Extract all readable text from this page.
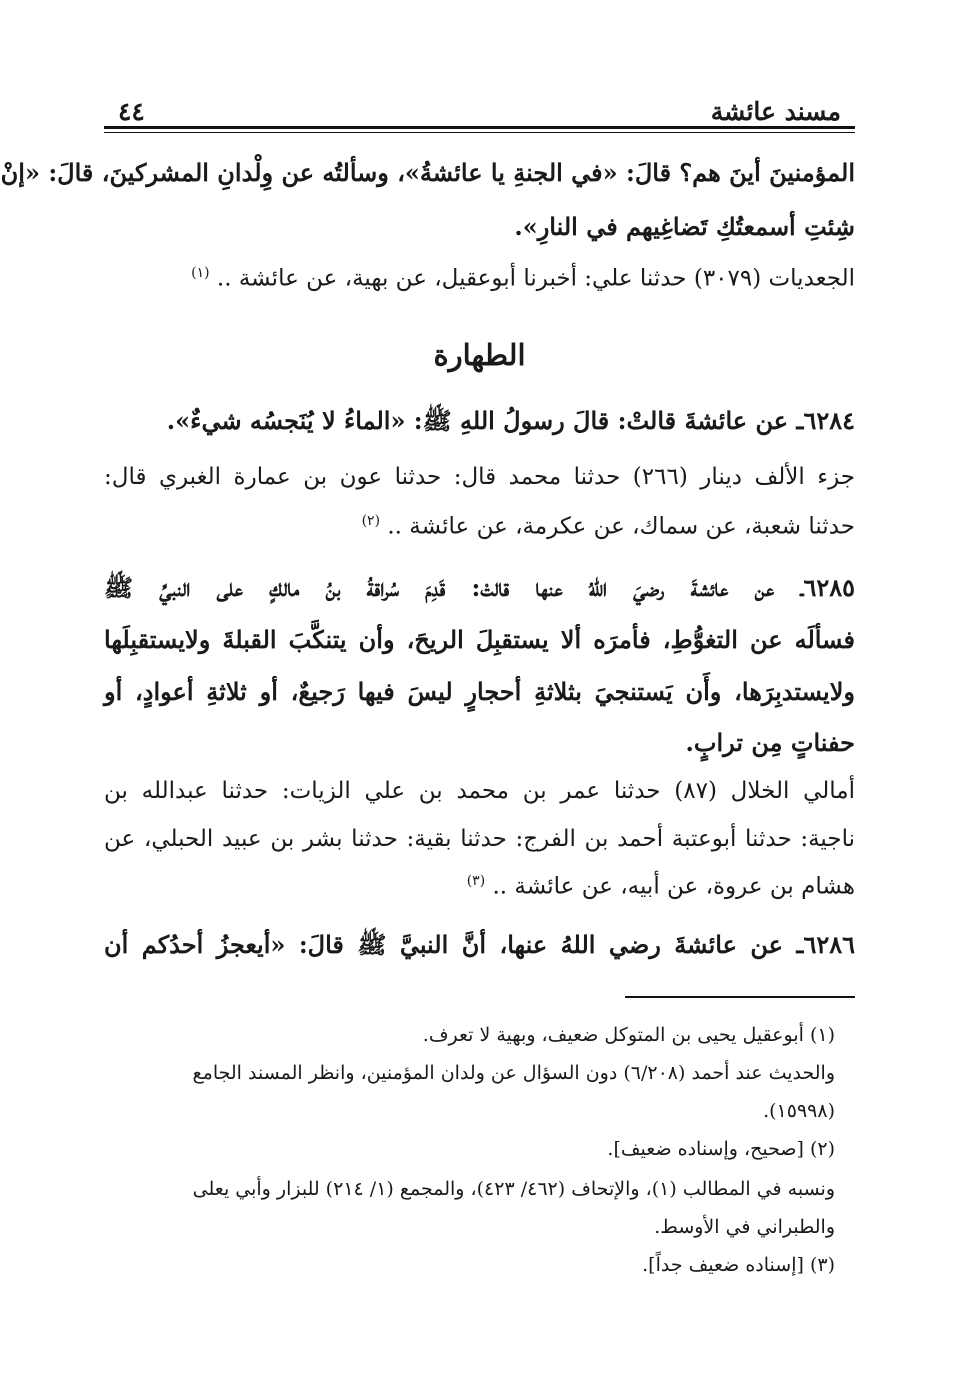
مسند عائشة
٤٤
المؤمنينَ أينَ هم؟ قالَ: «في الجنةِ يا عائشةُ»، وسألتُه عن وِلْدانِ المشركينَ، قالَ: «إنْ
شِئتِ أسمعتُكِ تَضاغِيهم في النارِ».
الجعديات (٣٠٧٩) حدثنا علي: أخبرنا أبوعقيل، عن بهية، عن عائشة .. $^{(١)}$
الطهارة
٦٢٨٤ـ عن عائشةَ قالتْ: قالَ رسولُ اللهِ ﷺ: «الماءُ لا يُنَجسُه شيءٌ».
جزء الألف دينار (٢٦٦) حدثنا محمد قال: حدثنا عون بن عمارة الغبري قال:
حدثنا شعبة، عن سماك، عن عكرمة، عن عائشة .. $^{(٢)}$
٦٢٨٥ـ عن عائشةَ رضيَ اللهُ عنها قالتْ: قَدِمَ سُراقةُ بنُ مالكٍ على النبيِّ ﷺ
فسألَه عن التغوُّطِ، فأمرَه ألا يستقبِلَ الريحَ، وأن يتنكَّبَ القبلةَ ولايستقبِلَها
ولايستدبِرَها، وأَن يَستنجيَ بثلاثةِ أحجارٍ ليسَ فيها رَجيعٌ، أو ثلاثةِ أعوادٍ، أو
حفناتٍ مِن ترابٍ.
أمالي الخلال (٨٧) حدثنا عمر بن محمد بن علي الزيات: حدثنا عبدالله بن
ناجية: حدثنا أبوعتبة أحمد بن الفرج: حدثنا بقية: حدثنا بشر بن عبيد الحبلي، عن
هشام بن عروة، عن أبيه، عن عائشة .. $^{(٣)}$
٦٢٨٦ـ عن عائشةَ رضي اللهُ عنها، أنَّ النبيَّ ﷺ قالَ: «أيعجزُ أحدُكم أن
(١) أبوعقيل يحيى بن المتوكل ضعيف، وبهية لا تعرف.
والحديث عند أحمد (٦/٢٠٨) دون السؤال عن ولدان المؤمنين، وانظر المسند الجامع
(١٥٩٩٨).
(٢) [صحيح، وإسناده ضعيف].
ونسبه في المطالب (١)، والإتحاف (٤٦٢/ ٤٢٣)، والمجمع (١/ ٢١٤) للبزار وأبي يعلى
والطبراني في الأوسط.
(٣) [إسناده ضعيف جداً].
